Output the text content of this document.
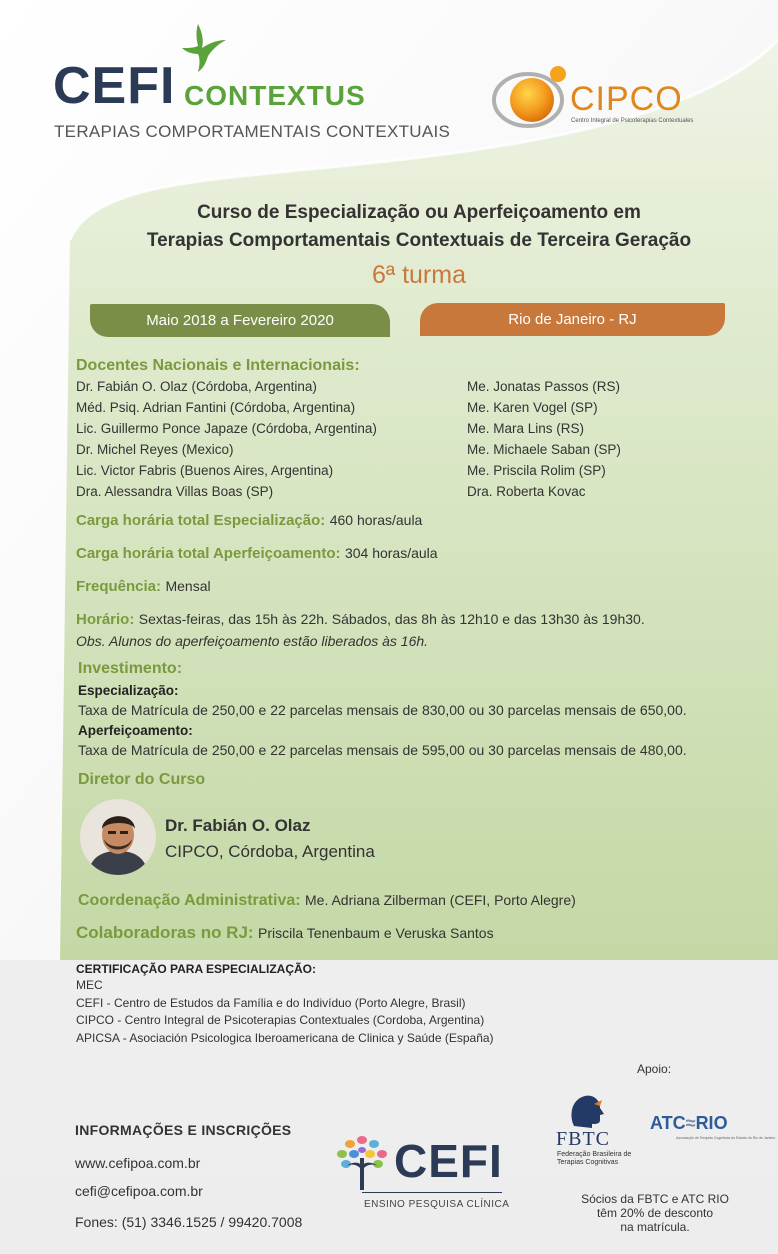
CEFI CONTEXTUS
TERAPIAS COMPORTAMENTAIS CONTEXTUAIS
CIPCO
Centro Integral de Psicoterapias Contextuales
Curso de Especialização ou Aperfeiçoamento em
Terapias Comportamentais Contextuais de Terceira Geração
6ª turma
Maio 2018 a Fevereiro 2020	Rio de Janeiro - RJ
Docentes Nacionais e Internacionais:
Dr. Fabián O. Olaz (Córdoba, Argentina)
Méd. Psiq. Adrian Fantini (Córdoba, Argentina)
Lic. Guillermo Ponce Japaze (Córdoba, Argentina)
Dr. Michel Reyes (Mexico)
Lic. Victor Fabris (Buenos Aires, Argentina)
Dra. Alessandra Villas Boas (SP)
Me. Jonatas Passos (RS)
Me. Karen Vogel (SP)
Me. Mara Lins (RS)
Me. Michaele Saban (SP)
Me. Priscila Rolim (SP)
Dra. Roberta Kovac
Carga horária total Especialização: 460 horas/aula
Carga horária total Aperfeiçoamento: 304 horas/aula
Frequência: Mensal
Horário: Sextas-feiras, das 15h às 22h. Sábados, das 8h às 12h10 e das 13h30 às 19h30.
Obs. Alunos do aperfeiçoamento estão liberados às 16h.
Investimento:
Especialização:
Taxa de Matrícula de 250,00 e 22 parcelas mensais de 830,00 ou 30 parcelas mensais de 650,00.
Aperfeiçoamento:
Taxa de Matrícula de 250,00 e 22 parcelas mensais de 595,00 ou 30 parcelas mensais de 480,00.
Diretor do Curso
Dr. Fabián O. Olaz
CIPCO, Córdoba, Argentina
Coordenação Administrativa: Me. Adriana Zilberman (CEFI, Porto Alegre)
Colaboradoras no RJ: Priscila Tenenbaum e Veruska Santos
CERTIFICAÇÃO PARA ESPECIALIZAÇÃO:
MEC
CEFI - Centro de Estudos da Família e do Indivíduo (Porto Alegre, Brasil)
CIPCO - Centro Integral de Psicoterapias Contextuales (Cordoba, Argentina)
APICSA - Asociación Psicologica Iberoamericana de Clinica y Saúde (España)
Apoio:
FBTC
Federação Brasileira de
Terapias Cognitivas
ATC≈RIO
Associação de Terapias Cognitivas do Estado do Rio de Janeiro
Sócios da FBTC e ATC RIO
têm 20% de desconto
na matrícula.
INFORMAÇÕES E INSCRIÇÕES
www.cefipoa.com.br
cefi@cefipoa.com.br
Fones: (51) 3346.1525 / 99420.7008
CEFI
ENSINO PESQUISA CLÍNICA
